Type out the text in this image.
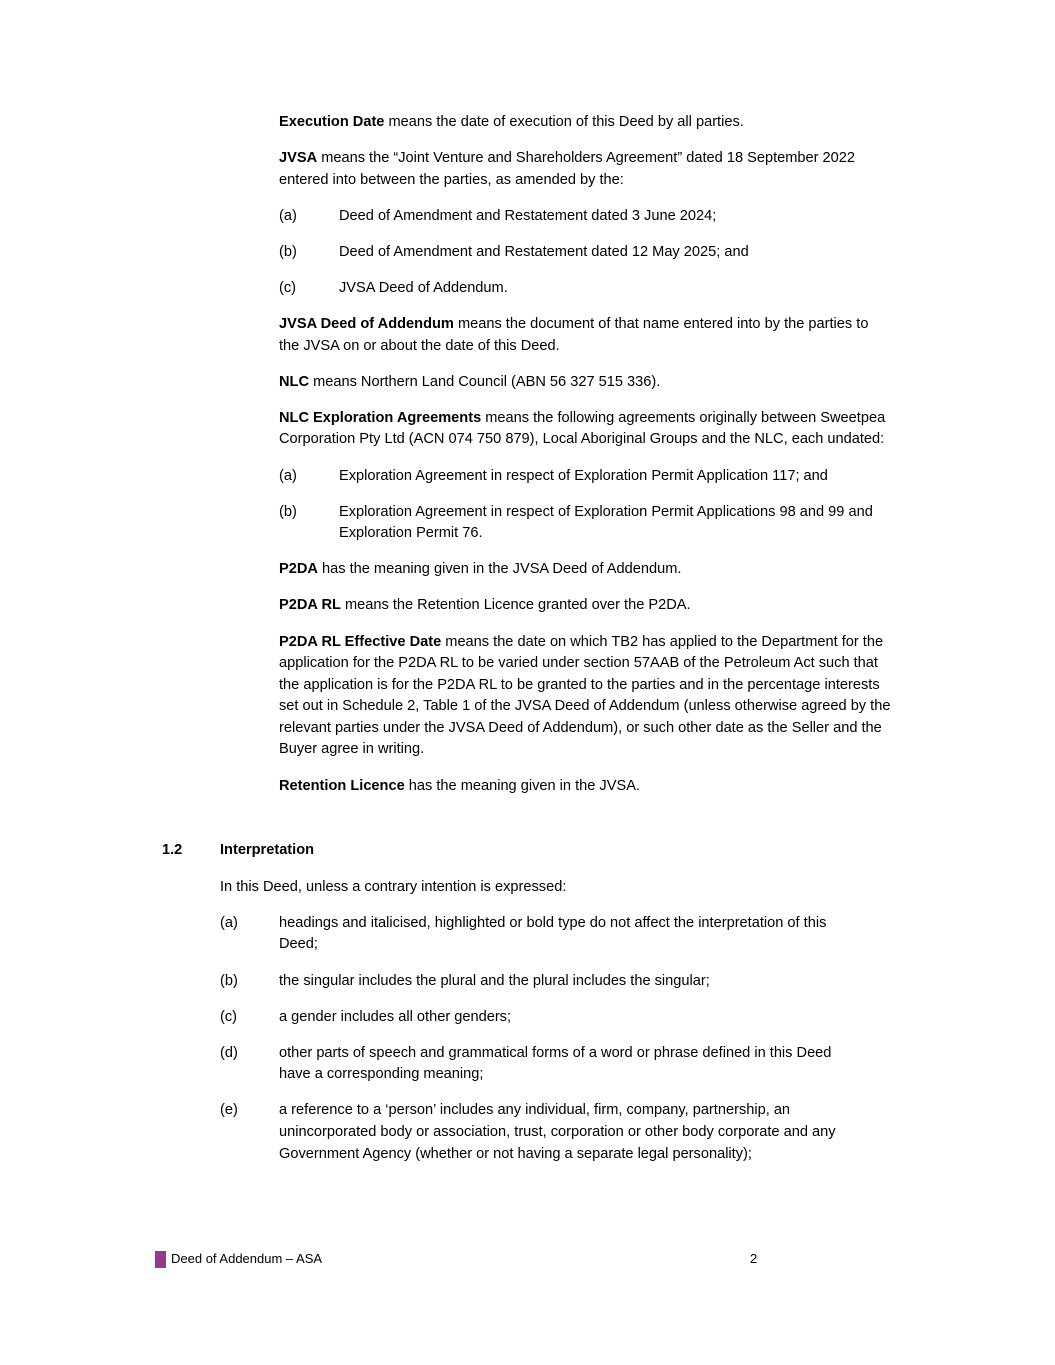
Execution Date means the date of execution of this Deed by all parties.

JVSA means the “Joint Venture and Shareholders Agreement” dated 18 September 2022 entered into between the parties, as amended by the:

(a)	Deed of Amendment and Restatement dated 3 June 2024;
(b)	Deed of Amendment and Restatement dated 12 May 2025; and
(c)	JVSA Deed of Addendum.

JVSA Deed of Addendum means the document of that name entered into by the parties to the JVSA on or about the date of this Deed.

NLC means Northern Land Council (ABN 56 327 515 336).

NLC Exploration Agreements means the following agreements originally between Sweetpea Corporation Pty Ltd (ACN 074 750 879), Local Aboriginal Groups and the NLC, each undated:

(a)	Exploration Agreement in respect of Exploration Permit Application 117; and
(b)	Exploration Agreement in respect of Exploration Permit Applications 98 and 99 and Exploration Permit 76.

P2DA has the meaning given in the JVSA Deed of Addendum.

P2DA RL means the Retention Licence granted over the P2DA.

P2DA RL Effective Date means the date on which TB2 has applied to the Department for the application for the P2DA RL to be varied under section 57AAB of the Petroleum Act such that the application is for the P2DA RL to be granted to the parties and in the percentage interests set out in Schedule 2, Table 1 of the JVSA Deed of Addendum (unless otherwise agreed by the relevant parties under the JVSA Deed of Addendum), or such other date as the Seller and the Buyer agree in writing.

Retention Licence has the meaning given in the JVSA.

1.2	Interpretation

In this Deed, unless a contrary intention is expressed:

(a)	headings and italicised, highlighted or bold type do not affect the interpretation of this Deed;
(b)	the singular includes the plural and the plural includes the singular;
(c)	a gender includes all other genders;
(d)	other parts of speech and grammatical forms of a word or phrase defined in this Deed have a corresponding meaning;
(e)	a reference to a ‘person’ includes any individual, firm, company, partnership, an unincorporated body or association, trust, corporation or other body corporate and any Government Agency (whether or not having a separate legal personality);
Deed of Addendum – ASA	2
